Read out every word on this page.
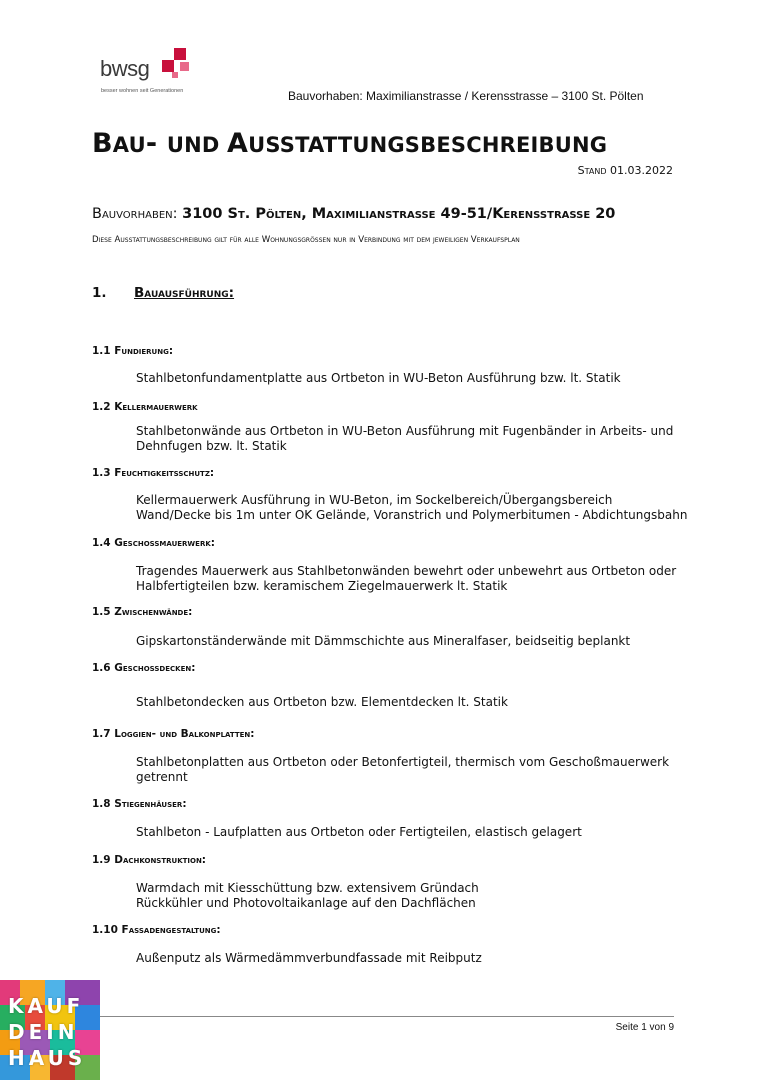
bwsg
besser wohnen seit Generationen	Bauvorhaben: Maximilianstrasse / Kerensstrasse – 3100 St. Pölten
BAU- UND AUSSTATTUNGSBESCHREIBUNG
Stand 01.03.2022
Bauvorhaben: 3100 St. Pölten, Maximilianstrasse 49-51/Kerensstrasse 20
Diese Ausstattungsbeschreibung gilt für alle Wohnungsgrössen nur in Verbindung mit dem jeweiligen Verkaufsplan
1. Bauausführung:
1.1 Fundierung:
Stahlbetonfundamentplatte aus Ortbeton in WU-Beton Ausführung bzw. lt. Statik
1.2 Kellermauerwerk
Stahlbetonwände aus Ortbeton in WU-Beton Ausführung mit Fugenbänder in Arbeits- und
Dehnfugen bzw. lt. Statik
1.3 Feuchtigkeitsschutz:
Kellermauerwerk Ausführung in WU-Beton, im Sockelbereich/Übergangsbereich
Wand/Decke bis 1m unter OK Gelände, Voranstrich und Polymerbitumen - Abdichtungsbahn
1.4 Geschossmauerwerk:
Tragendes Mauerwerk aus Stahlbetonwänden bewehrt oder unbewehrt aus Ortbeton oder
Halbfertigteilen bzw. keramischem Ziegelmauerwerk lt. Statik
1.5 Zwischenwände:
Gipskartonständerwände mit Dämmschichte aus Mineralfaser, beidseitig beplankt
1.6 Geschossdecken:
Stahlbetondecken aus Ortbeton bzw. Elementdecken lt. Statik
1.7 Loggien- und Balkonplatten:
Stahlbetonplatten aus Ortbeton oder Betonfertigteil, thermisch vom Geschoßmauerwerk
getrennt
1.8 Stiegenhäuser:
Stahlbeton - Laufplatten aus Ortbeton oder Fertigteilen, elastisch gelagert
1.9 Dachkonstruktion:
Warmdach mit Kiesschüttung bzw. extensivem Gründach
Rückkühler und Photovoltaikanlage auf den Dachflächen
1.10 Fassadengestaltung:
Außenputz als Wärmedämmverbundfassade mit Reibputz
Seite 1 von 9
KAUF
DEIN
HAUS
